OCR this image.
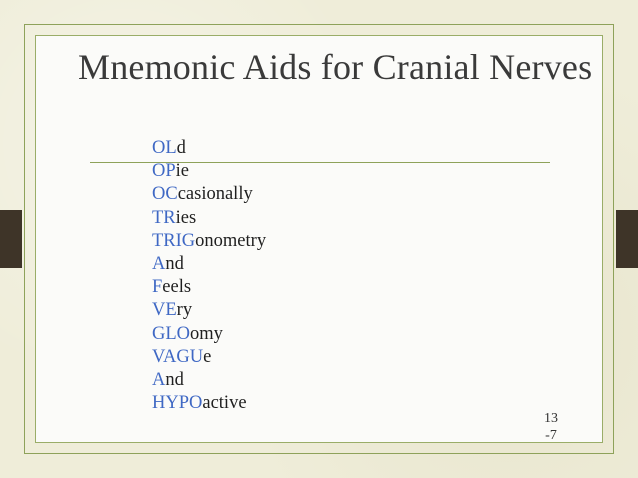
Mnemonic Aids for Cranial Nerves
OLd
OPie
OCcasionally
TRies
TRIGonometry
And
Feels
VEry
GLOomy
VAGUe
And
HYPOactive
13
-7
